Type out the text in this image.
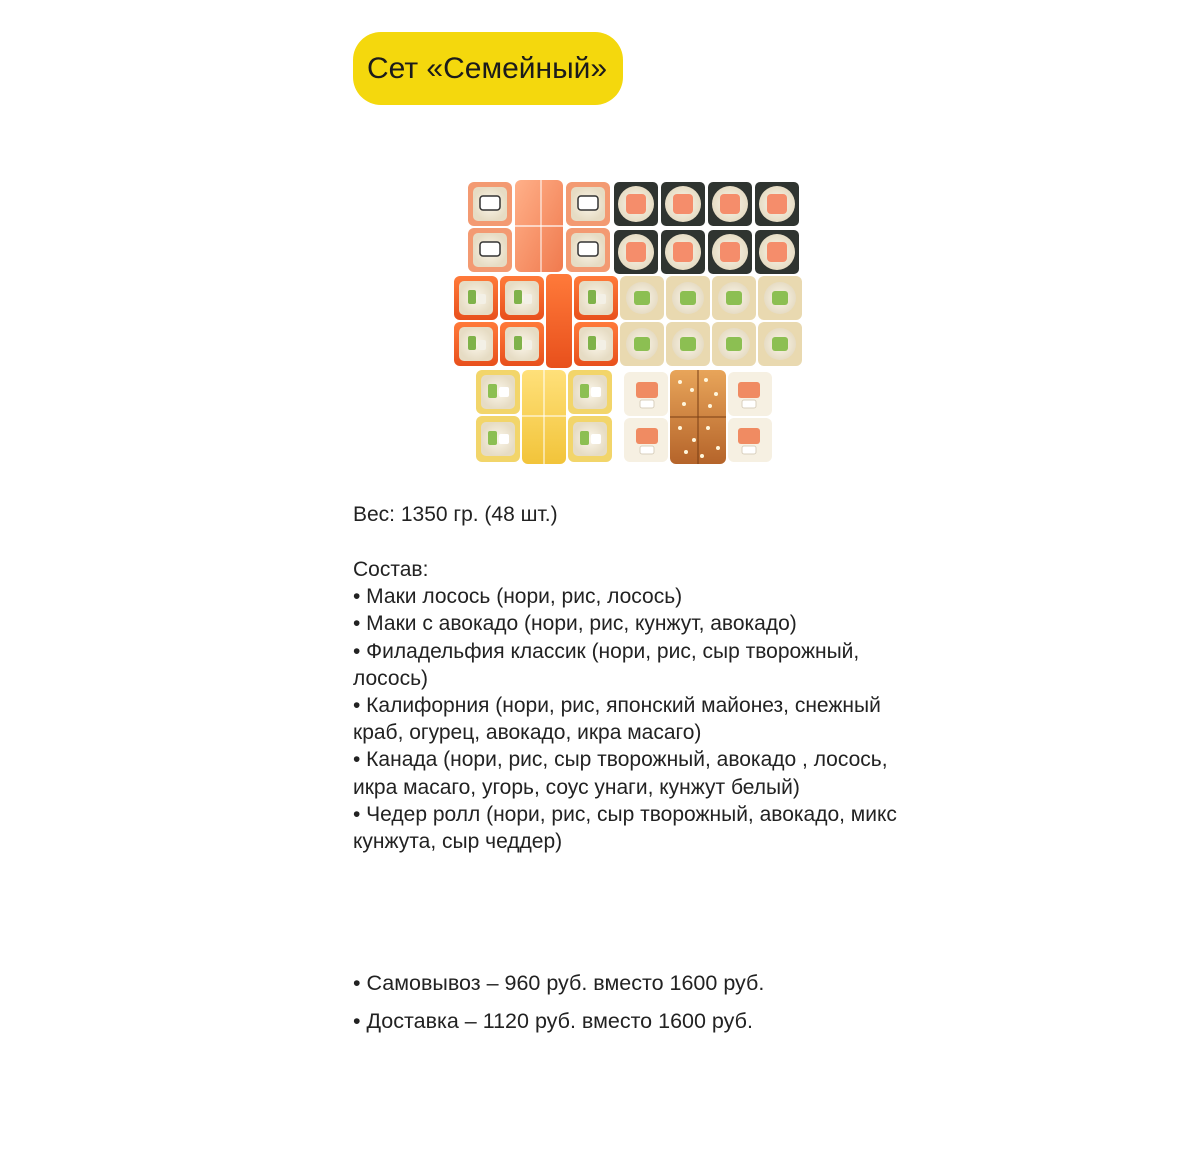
Сет «Семейный»
Вес: 1350 гр. (48 шт.)
Состав:
• Маки лосось (нори, рис, лосось)
• Маки с авокадо (нори, рис, кунжут, авокадо)
• Филадельфия классик (нори, рис, сыр творожный, лосось)
• Калифорния (нори, рис, японский майонез, снежный краб, огурец, авокадо, икра масаго)
• Канада (нори, рис, сыр творожный, авокадо , лосось, икра масаго, угорь, соус унаги, кунжут белый)
• Чедер ролл (нори, рис, сыр творожный, авокадо, микс кунжута, сыр чеддер)
• Самовывоз – 960 руб. вместо 1600 руб.
• Доставка – 1120 руб. вместо 1600 руб.
